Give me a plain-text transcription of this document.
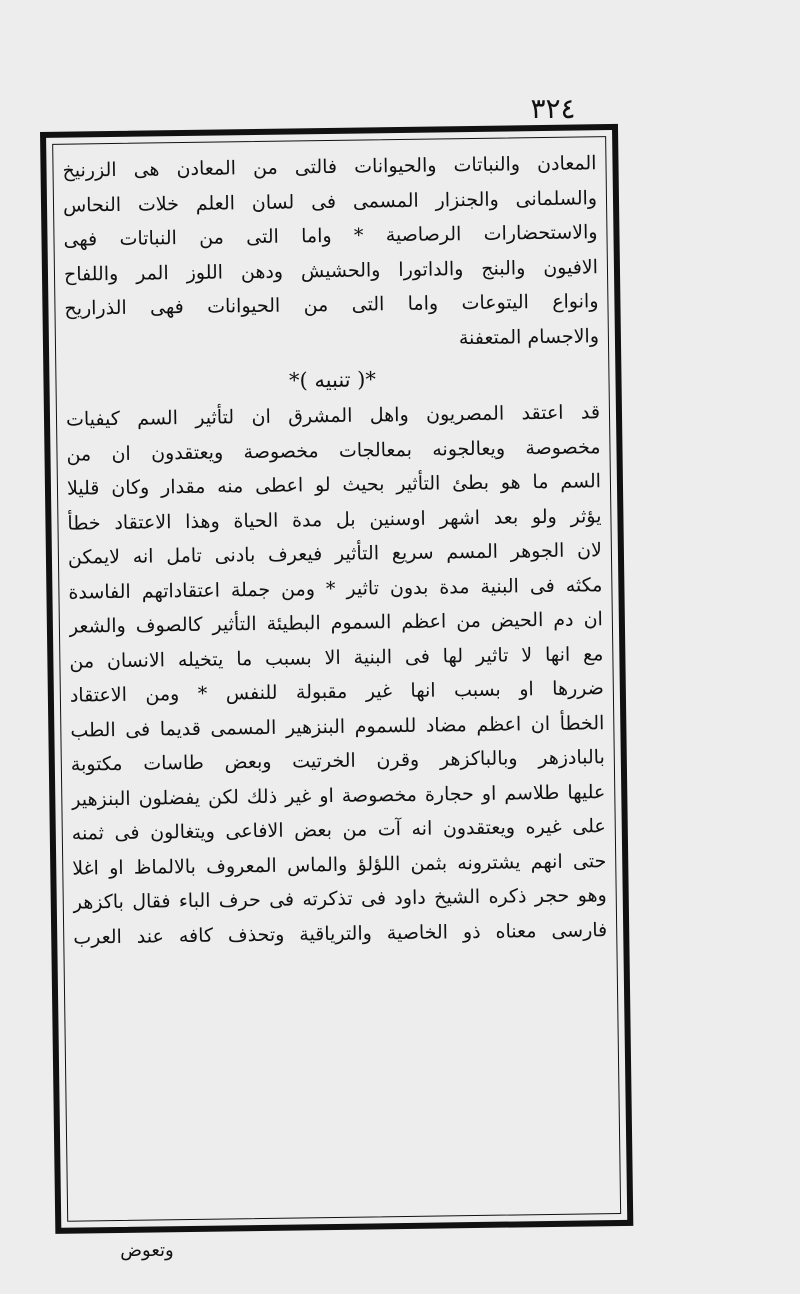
٣٢٤
المعادن والنباتات والحيوانات فالتى من المعادن هى الزرنيخ
والسلمانى والجنزار المسمى فى لسان العلم خلات النحاس
والاستحضارات الرصاصية * واما التى من النباتات فهى
الافيون والبنج والداتورا والحشيش ودهن اللوز المر واللفاح
وانواع اليتوعات واما التى من الحيوانات فهى الذراريح
والاجسام المتعفنة
*( تنبيه )*
قد اعتقد المصريون واهل المشرق ان لتأثير السم كيفيات
مخصوصة ويعالجونه بمعالجات مخصوصة ويعتقدون ان من
السم ما هو بطئ التأثير بحيث لو اعطى منه مقدار وكان قليلا
يؤثر ولو بعد اشهر اوسنين بل مدة الحياة وهذا الاعتقاد خطأ
لان الجوهر المسم سريع التأثير فيعرف بادنى تامل انه لايمكن
مكثه فى البنية مدة بدون تاثير * ومن جملة اعتقاداتهم الفاسدة
ان دم الحيض من اعظم السموم البطيئة التأثير كالصوف والشعر
مع انها لا تاثير لها فى البنية الا بسبب ما يتخيله الانسان من
ضررها او بسبب انها غير مقبولة للنفس * ومن الاعتقاد
الخطأ ان اعظم مضاد للسموم البنزهير المسمى قديما فى الطب
بالبادزهر وبالباكزهر وقرن الخرتيت وبعض طاسات مكتوبة
عليها طلاسم او حجارة مخصوصة او غير ذلك لكن يفضلون البنزهير
على غيره ويعتقدون انه آت من بعض الافاعى ويتغالون فى ثمنه
حتى انهم يشترونه بثمن اللؤلؤ والماس المعروف بالالماظ او اغلا
وهو حجر ذكره الشيخ داود فى تذكرته فى حرف الباء فقال باكزهر
فارسى معناه ذو الخاصية والترياقية وتحذف كافه عند العرب
وتعوض
